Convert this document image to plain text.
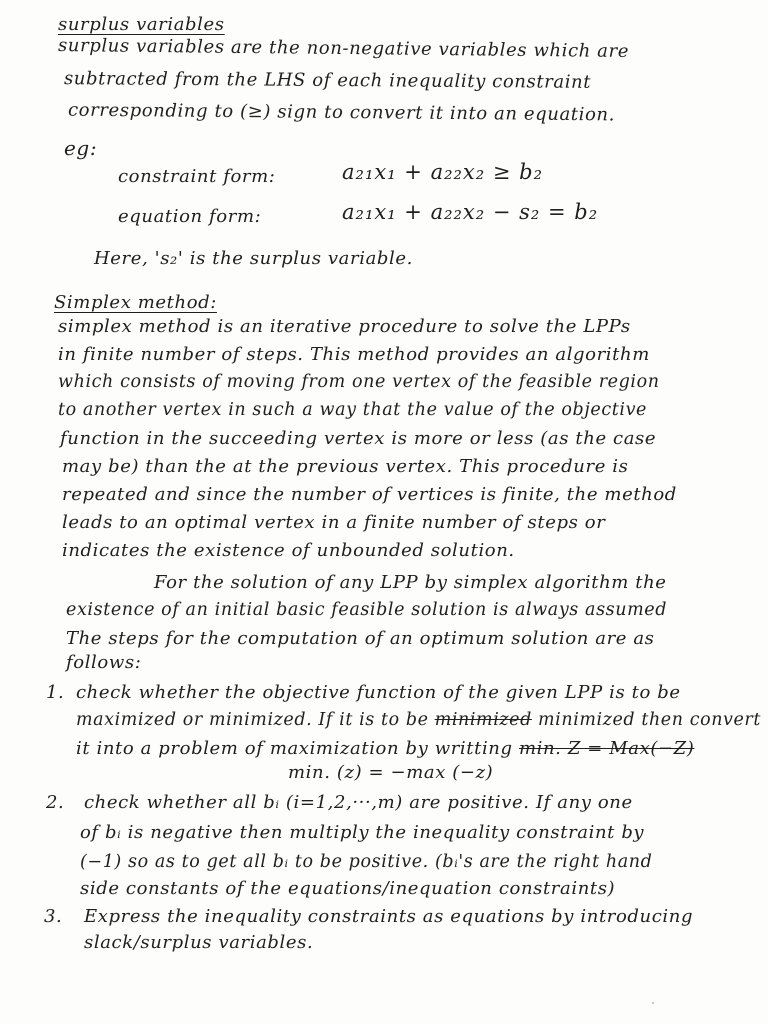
surplus variables
surplus variables are the non-negative variables which are
subtracted from the LHS of each inequality constraint
corresponding to (≥) sign to convert it into an equation.
eg:
constraint form:	a₂₁x₁ + a₂₂x₂ ≥ b₂
equation form:	a₂₁x₁ + a₂₂x₂ − s₂ = b₂
Here, 's₂' is the surplus variable.
Simplex method:
simplex method is an iterative procedure to solve the LPPs
in finite number of steps. This method provides an algorithm
which consists of moving from one vertex of the feasible region
to another vertex in such a way that the value of the objective
function in the succeeding vertex is more or less (as the case
may be) than the at the previous vertex. This procedure is
repeated and since the number of vertices is finite, the method
leads to an optimal vertex in a finite number of steps or
indicates the existence of unbounded solution.
For the solution of any LPP by simplex algorithm the
existence of an initial basic feasible solution is always assumed
The steps for the computation of an optimum solution are as
follows:
1. check whether the objective function of the given LPP is to be
maximized or minimized. If it is to be minimized minimized then convert
it into a problem of maximization by writting min. Z = Max(−Z)
min. (z) = −max (−z)
2. check whether all bᵢ (i=1,2,···,m) are positive. If any one
of bᵢ is negative then multiply the inequality constraint by
(−1) so as to get all bᵢ to be positive. (bᵢ's are the right hand
side constants of the equations/inequation constraints)
3. Express the inequality constraints as equations by introducing
slack/surplus variables.
